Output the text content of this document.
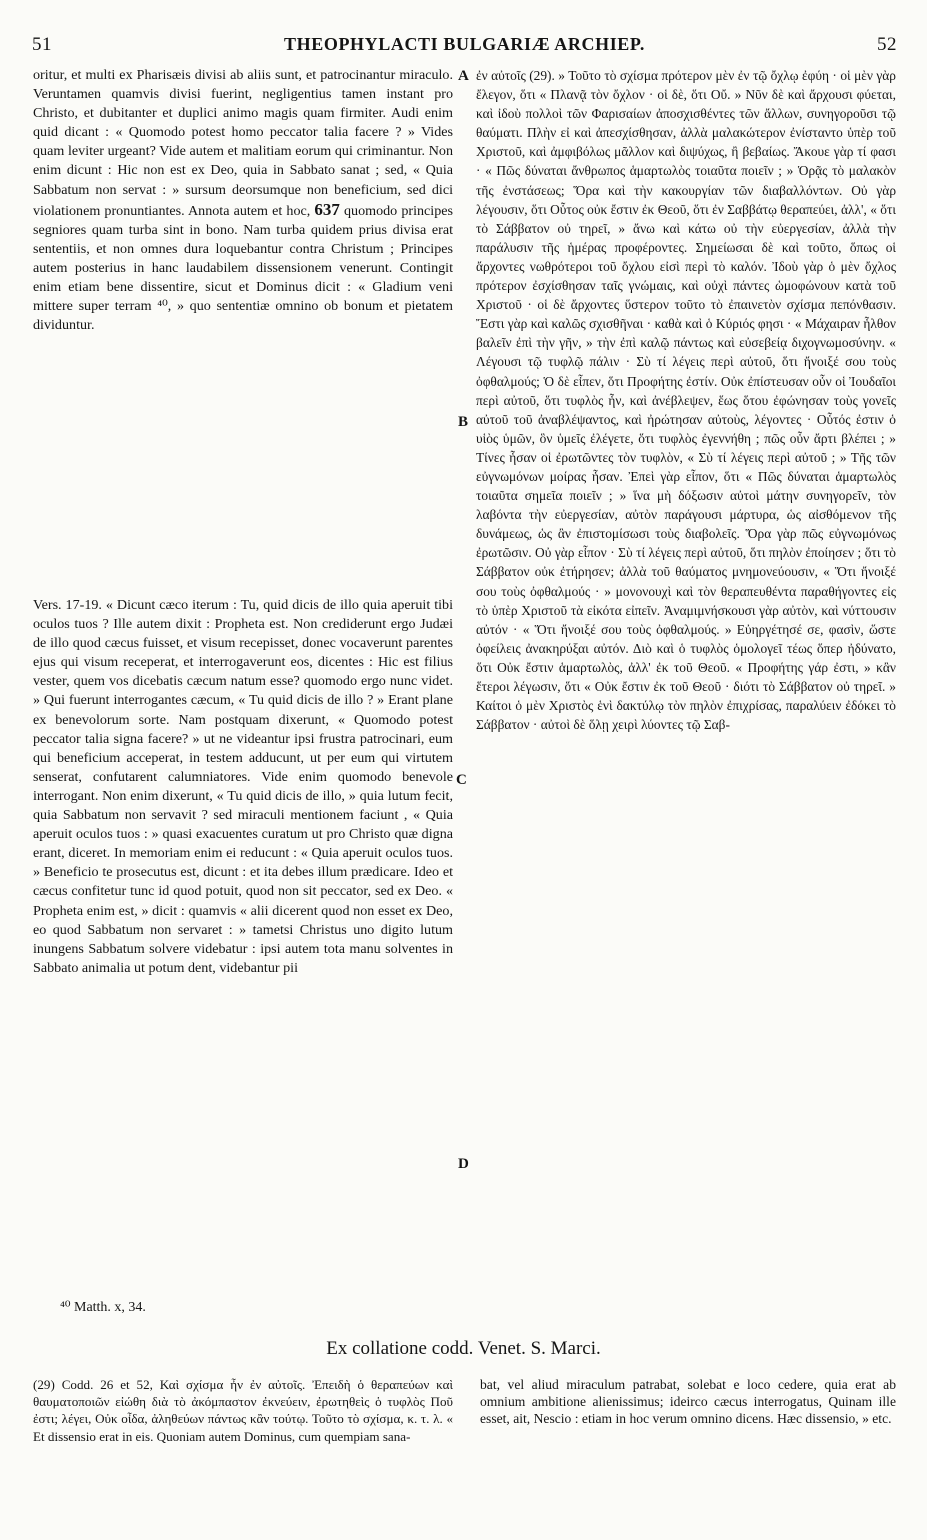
51	THEOPHYLACTI BULGARIÆ ARCHIEP.	52

oritur, et multi ex Pharisæis divisi ab aliis sunt, et patrocinantur miraculo. Veruntamen quamvis divisi fuerint, negligentius tamen instant pro Christo, et dubitanter et duplici animo magis quam firmiter. Audi enim quid dicant : « Quomodo potest homo peccator talia facere ? » Vides quam leviter urgeant? Vide autem et malitiam eorum qui criminantur. Non enim dicunt : Hic non est ex Deo, quia in Sabbato sanat ; sed, « Quia Sabbatum non servat : » sursum deorsumque non beneficium, sed dici violationem pronuntiantes. Annota autem et hoc, 637 quomodo principes segniores quam turba sint in bono. Nam turba quidem prius divisa erat sententiis, et non omnes dura loquebantur contra Christum ; Principes autem posterius in hanc laudabilem dissensionem venerunt. Contingit enim etiam bene dissentire, sicut et Dominus dicit : « Gladium veni mittere super terram ⁴⁰, » quo sententiæ omnino ob bonum et pietatem dividuntur.

Vers. 17-19. « Dicunt cæco iterum : Tu, quid dicis de illo quia aperuit tibi oculos tuos ? Ille autem dixit : Propheta est. Non crediderunt ergo Judæi de illo quod cæcus fuisset, et visum recepisset, donec vocaverunt parentes ejus qui visum receperat, et interrogaverunt eos, dicentes : Hic est filius vester, quem vos dicebatis cæcum natum esse? quomodo ergo nunc videt. » Qui fuerunt interrogantes cæcum, « Tu quid dicis de illo ? » Erant plane ex benevolorum sorte. Nam postquam dixerunt, « Quomodo potest peccator talia signa facere? » ut ne videantur ipsi frustra patrocinari, eum qui beneficium acceperat, in testem adducunt, ut per eum qui virtutem senserat, confutarent calumniatores. Vide enim quomodo benevole interrogant. Non enim dixerunt, « Tu quid dicis de illo, » quia lutum fecit, quia Sabbatum non servavit ? sed miraculi mentionem faciunt , « Quia aperuit oculos tuos : » quasi exacuentes curatum ut pro Christo quæ digna erant, diceret. In memoriam enim ei reducunt : « Quia aperuit oculos tuos. » Beneficio te prosecutus est, dicunt : et ita debes illum prædicare. Ideo et cæcus confitetur tunc id quod potuit, quod non sit peccator, sed ex Deo. « Propheta enim est, » dicit : quamvis « alii dicerent quod non esset ex Deo, eo quod Sabbatum non servaret : » tametsi Christus uno digito lutum inungens Sabbatum solvere videbatur : ipsi autem tota manu solventes in Sabbato animalia ut potum dent, videbantur pii

A
B
C
D

ἐν αὐτοῖς (29). » Τοῦτο τὸ σχίσμα πρότερον μὲν ἐν τῷ ὄχλῳ ἐφύη · οἱ μὲν γὰρ ἔλεγον, ὅτι « Πλανᾷ τὸν ὄχλον · οἱ δὲ, ὅτι Οὔ. » Νῦν δὲ καὶ ἄρχουσι φύεται, καὶ ἰδοὺ πολλοὶ τῶν Φαρισαίων ἀποσχισθέντες τῶν ἄλλων, συνηγοροῦσι τῷ θαύματι. Πλὴν εἰ καὶ ἀπεσχίσθησαν, ἀλλὰ μαλακώτερον ἐνίσταντο ὑπὲρ τοῦ Χριστοῦ, καὶ ἀμφιβόλως μᾶλλον καὶ διψύχως, ἢ βεβαίως. Ἄκουε γὰρ τί φασι · « Πῶς δύναται ἄνθρωπος ἁμαρτωλὸς τοιαῦτα ποιεῖν ; » Ὁρᾷς τὸ μαλακὸν τῆς ἐνστάσεως; Ὅρα καὶ τὴν κακουργίαν τῶν διαβαλλόντων. Οὐ γὰρ λέγουσιν, ὅτι Οὗτος οὐκ ἔστιν ἐκ Θεοῦ, ὅτι ἐν Σαββάτῳ θεραπεύει, ἀλλ', « ὅτι τὸ Σάββατον οὐ τηρεῖ, » ἄνω καὶ κάτω οὐ τὴν εὐεργεσίαν, ἀλλὰ τὴν παράλυσιν τῆς ἡμέρας προφέροντες. Σημείωσαι δὲ καὶ τοῦτο, ὅπως οἱ ἄρχοντες νωθρότεροι τοῦ ὄχλου εἰσὶ περὶ τὸ καλόν. Ἰδοὺ γὰρ ὁ μὲν ὄχλος πρότερον ἐσχίσθησαν ταῖς γνώμαις, καὶ οὐχὶ πάντες ὡμοφώνουν κατὰ τοῦ Χριστοῦ · οἱ δὲ ἄρχοντες ὕστερον τοῦτο τὸ ἐπαινετὸν σχίσμα πεπόνθασιν. Ἔστι γὰρ καὶ καλῶς σχισθῆναι · καθὰ καὶ ὁ Κύριός φησι · « Μάχαιραν ἦλθον βαλεῖν ἐπὶ τὴν γῆν, » τὴν ἐπὶ καλῷ πάντως καὶ εὐσεβείᾳ διχογνωμοσύνην. « Λέγουσι τῷ τυφλῷ πάλιν · Σὺ τί λέγεις περὶ αὐτοῦ, ὅτι ἤνοιξέ σου τοὺς ὀφθαλμούς; Ὁ δὲ εἶπεν, ὅτι Προφήτης ἐστίν. Οὐκ ἐπίστευσαν οὖν οἱ Ἰουδαῖοι περὶ αὐτοῦ, ὅτι τυφλὸς ἦν, καὶ ἀνέβλεψεν, ἕως ὅτου ἐφώνησαν τοὺς γονεῖς αὐτοῦ τοῦ ἀναβλέψαντος, καὶ ἠρώτησαν αὐτοὺς, λέγοντες · Οὗτός ἐστιν ὁ υἱὸς ὑμῶν, ὃν ὑμεῖς ἐλέγετε, ὅτι τυφλὸς ἐγεννήθη ; πῶς οὖν ἄρτι βλέπει ; » Τίνες ἦσαν οἱ ἐρωτῶντες τὸν τυφλὸν, « Σὺ τί λέγεις περὶ αὐτοῦ ; » Τῆς τῶν εὐγνωμόνων μοίρας ἦσαν. Ἐπεὶ γὰρ εἶπον, ὅτι « Πῶς δύναται ἁμαρτωλὸς τοιαῦτα σημεῖα ποιεῖν ; » ἵνα μὴ δόξωσιν αὐτοὶ μάτην συνηγορεῖν, τὸν λαβόντα τὴν εὐεργεσίαν, αὐτὸν παράγουσι μάρτυρα, ὡς αἰσθόμενον τῆς δυνάμεως, ὡς ἂν ἐπιστομίσωσι τοὺς διαβολεῖς. Ὅρα γὰρ πῶς εὐγνωμόνως ἐρωτῶσιν. Οὐ γὰρ εἶπον · Σὺ τί λέγεις περὶ αὐτοῦ, ὅτι πηλὸν ἐποίησεν ; ὅτι τὸ Σάββατον οὐκ ἐτήρησεν; ἀλλὰ τοῦ θαύματος μνημονεύουσιν, « Ὅτι ἤνοιξέ σου τοὺς ὀφθαλμούς · » μονονουχὶ καὶ τὸν θεραπευθέντα παραθήγοντες εἰς τὸ ὑπὲρ Χριστοῦ τὰ εἰκότα εἰπεῖν. Ἀναμιμνήσκουσι γὰρ αὐτὸν, καὶ νύττουσιν αὐτόν · « Ὅτι ἤνοιξέ σου τοὺς ὀφθαλμούς. » Εὐηργέτησέ σε, φασὶν, ὥστε ὀφείλεις ἀνακηρύξαι αὐτόν. Διὸ καὶ ὁ τυφλὸς ὁμολογεῖ τέως ὅπερ ἠδύνατο, ὅτι Οὐκ ἔστιν ἁμαρτωλὸς, ἀλλ' ἐκ τοῦ Θεοῦ. « Προφήτης γάρ ἐστι, » κἂν ἕτεροι λέγωσιν, ὅτι « Οὐκ ἔστιν ἐκ τοῦ Θεοῦ · διότι τὸ Σάββατον οὐ τηρεῖ. » Καίτοι ὁ μὲν Χριστὸς ἑνὶ δακτύλῳ τὸν πηλὸν ἐπιχρίσας, παραλύειν ἐδόκει τὸ Σάββατον · αὐτοὶ δὲ ὅλῃ χειρὶ λύοντες τῷ Σαβ-

⁴⁰ Matth. x, 34.
Ex collatione codd. Venet. S. Marci.

(29) Codd. 26 et 52, Καὶ σχίσμα ἦν ἐν αὐτοῖς. Ἐπειδὴ ὁ θεραπεύων καὶ θαυματοποιῶν εἰώθη διὰ τὸ ἀκόμπαστον ἐκνεύειν, ἐρωτηθεὶς ὁ τυφλὸς Ποῦ ἐστι; λέγει, Οὐκ οἶδα, ἀληθεύων πάντως κἂν τούτῳ. Τοῦτο τὸ σχίσμα, κ. τ. λ. « Et dissensio erat in eis. Quoniam autem Dominus, cum quempiam sana-

bat, vel aliud miraculum patrabat, solebat e loco cedere, quia erat ab omnium ambitione alienissimus; ideirco cæcus interrogatus, Quinam ille esset, ait, Nescio : etiam in hoc verum omnino dicens. Hæc dissensio, » etc.
